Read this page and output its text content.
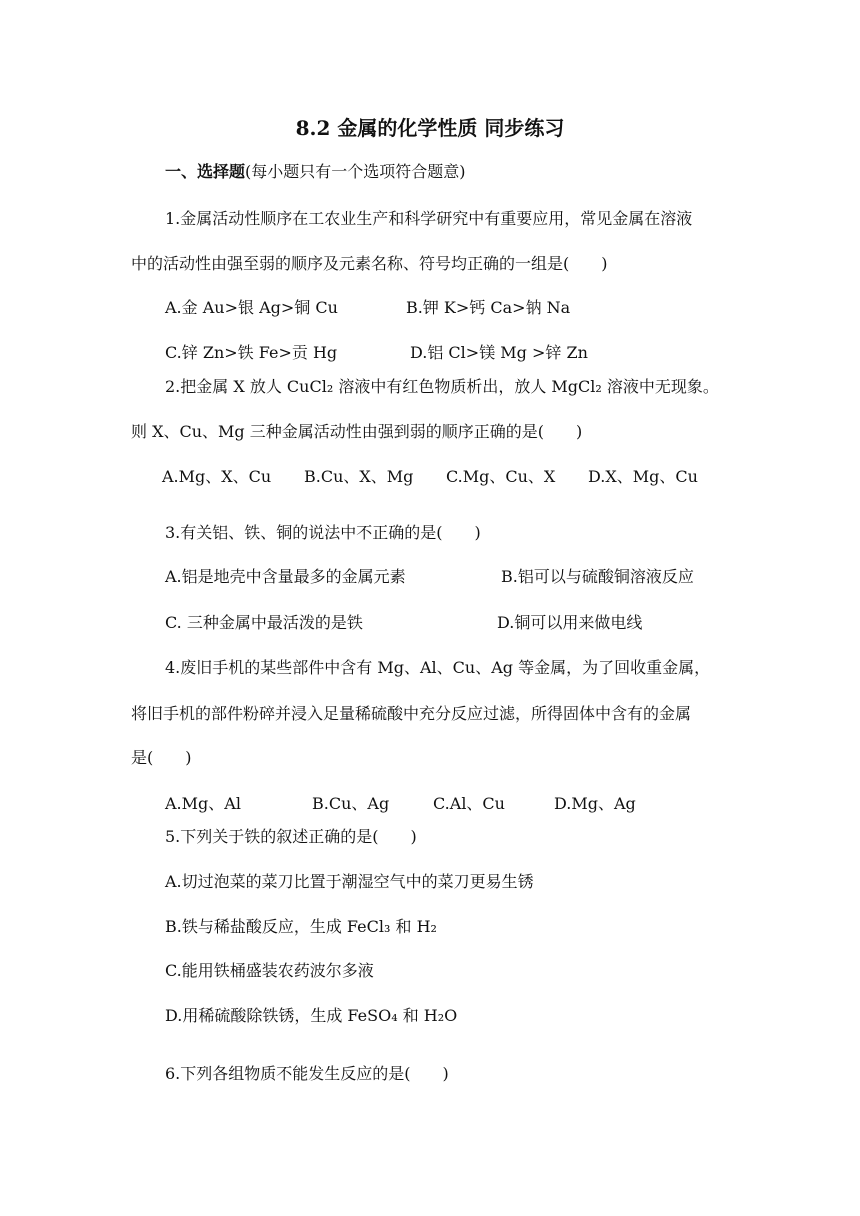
8.2 金属的化学性质 同步练习
一、选择题(每小题只有一个选项符合题意)
1.金属活动性顺序在工农业生产和科学研究中有重要应用，常见金属在溶液
中的活动性由强至弱的顺序及元素名称、符号均正确的一组是(　　)
A.金 Au>银 Ag>铜 Cu	B.钾 K>钙 Ca>钠 Na
C.锌 Zn>铁 Fe>贡 Hg	D.铝 Cl>镁 Mg >锌 Zn
2.把金属 X 放人 CuCl₂ 溶液中有红色物质析出，放人 MgCl₂ 溶液中无现象。
则 X、Cu、Mg 三种金属活动性由强到弱的顺序正确的是(　　)
A.Mg、X、Cu B.Cu、X、Mg C.Mg、Cu、X D.X、Mg、Cu
3.有关铝、铁、铜的说法中不正确的是(　　)
A.铝是地壳中含量最多的金属元素	B.铝可以与硫酸铜溶液反应
C. 三种金属中最活泼的是铁	D.铜可以用来做电线
4.废旧手机的某些部件中含有 Mg、Al、Cu、Ag 等金属，为了回收重金属，
将旧手机的部件粉碎并浸入足量稀硫酸中充分反应过滤，所得固体中含有的金属
是(　　)
A.Mg、Al	B.Cu、Ag	C.Al、Cu	D.Mg、Ag
5.下列关于铁的叙述正确的是(　　)
A.切过泡菜的菜刀比置于潮湿空气中的菜刀更易生锈
B.铁与稀盐酸反应，生成 FeCl₃ 和 H₂
C.能用铁桶盛装农药波尔多液
D.用稀硫酸除铁锈，生成 FeSO₄ 和 H₂O
6.下列各组物质不能发生反应的是(　　)
